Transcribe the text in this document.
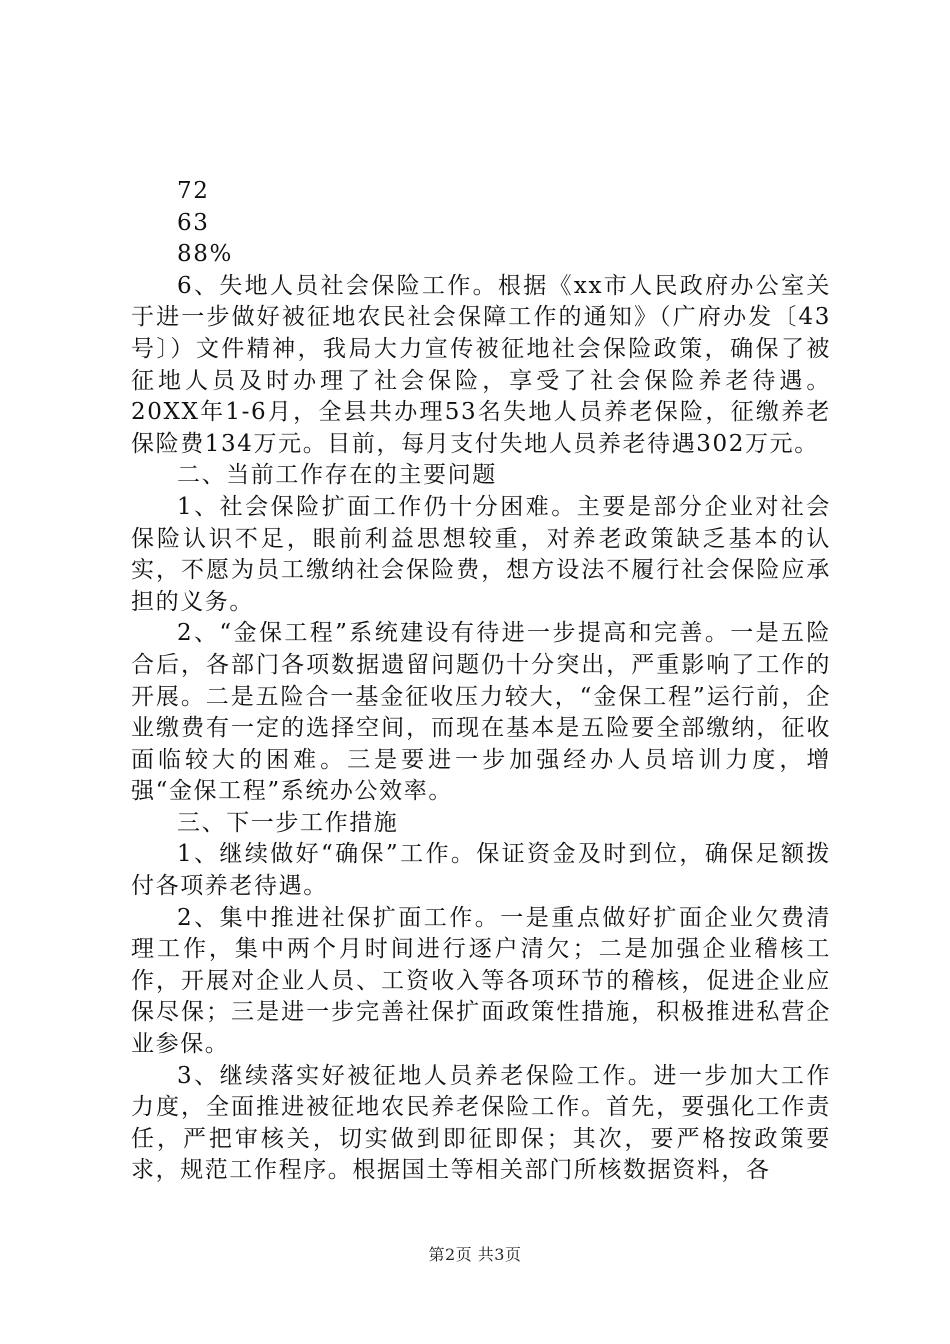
72

63

88%

6、失地人员社会保险工作。根据《xx市人民政府办公室关于进一步做好被征地农民社会保障工作的通知》（广府办发〔43号〕）文件精神，我局大力宣传被征地社会保险政策，确保了被征地人员及时办理了社会保险，享受了社会保险养老待遇。20XX年1-6月，全县共办理53名失地人员养老保险，征缴养老保险费134万元。目前，每月支付失地人员养老待遇302万元。

二、当前工作存在的主要问题

1、社会保险扩面工作仍十分困难。主要是部分企业对社会保险认识不足，眼前利益思想较重，对养老政策缺乏基本的认实，不愿为员工缴纳社会保险费，想方设法不履行社会保险应承担的义务。

2、“金保工程”系统建设有待进一步提高和完善。一是五险合后，各部门各项数据遗留问题仍十分突出，严重影响了工作的开展。二是五险合一基金征收压力较大，“金保工程”运行前，企业缴费有一定的选择空间，而现在基本是五险要全部缴纳，征收面临较大的困难。三是要进一步加强经办人员培训力度，增强“金保工程”系统办公效率。

三、下一步工作措施

1、继续做好“确保”工作。保证资金及时到位，确保足额拨付各项养老待遇。

2、集中推进社保扩面工作。一是重点做好扩面企业欠费清理工作，集中两个月时间进行逐户清欠；二是加强企业稽核工作，开展对企业人员、工资收入等各项环节的稽核，促进企业应保尽保；三是进一步完善社保扩面政策性措施，积极推进私营企业参保。

3、继续落实好被征地人员养老保险工作。进一步加大工作力度，全面推进被征地农民养老保险工作。首先，要强化工作责任，严把审核关，切实做到即征即保；其次，要严格按政策要求，规范工作程序。根据国土等相关部门所核数据资料，各

第2页 共3页
